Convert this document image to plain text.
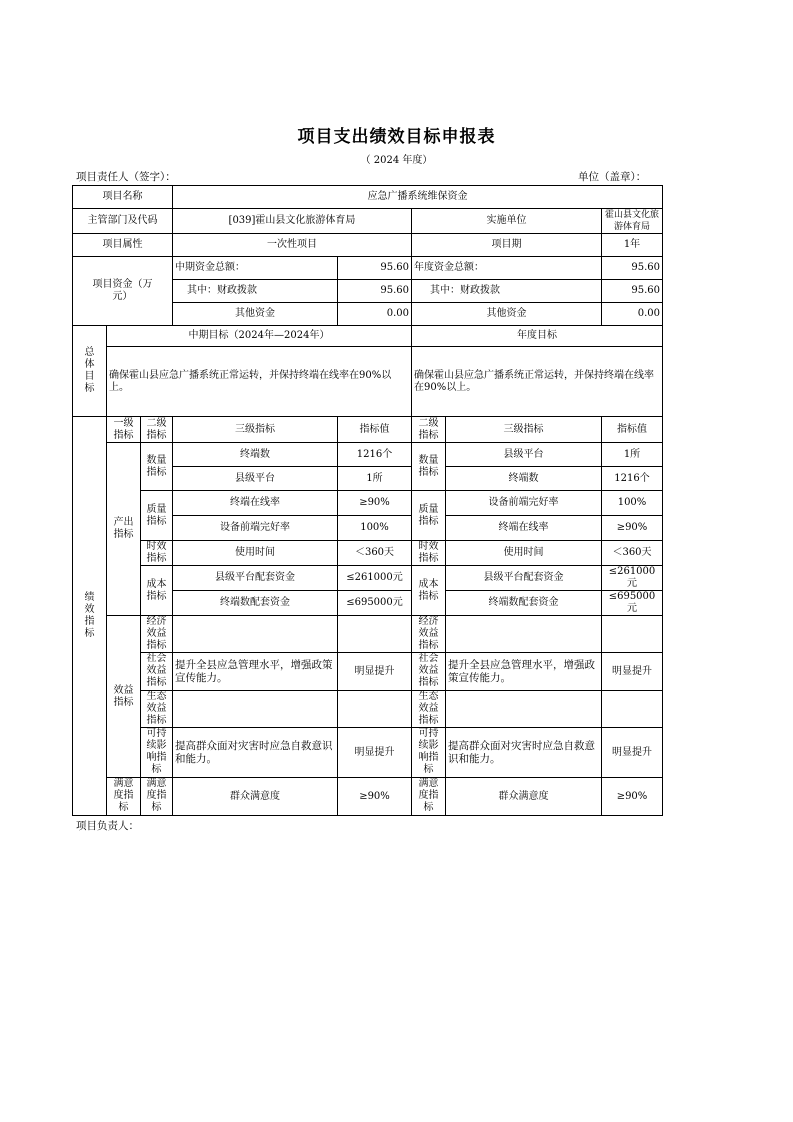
项目支出绩效目标申报表
（ 2024 年度）
项目责任人（签字）：	单位（盖章）：
项目名称			应急广播系统维保资金				
主管部门及代码			[039]霍山县文化旅游体育局		实施单位		霍山县文化旅游体育局
项目属性			一次性项目		项目期		1年
项目资金（万元）			中期资金总额：	95.60	年度资金总额：		95.60
			其中：财政拨款	95.60	其中：财政拨款		95.60
			其他资金	0.00	其他资金		0.00
总体目标	中期目标（2024年—2024年）				年度目标		
	确保霍山县应急广播系统正常运转，并保持终端在线率在90%以上。				确保霍山县应急广播系统正常运转，并保持终端在线率在90%以上。		
绩效指标	一级指标	二级指标	三级指标	指标值	二级指标	三级指标	指标值
	产出指标	数量指标	终端数	1216个	数量指标	县级平台	1所
			县级平台	1所		终端数	1216个
		质量指标	终端在线率	≥90%	质量指标	设备前端完好率	100%
			设备前端完好率	100%		终端在线率	≥90%
		时效指标	使用时间	＜360天	时效指标	使用时间	＜360天
		成本指标	县级平台配套资金	≤261000元	成本指标	县级平台配套资金	≤261000元
			终端数配套资金	≤695000元		终端数配套资金	≤695000元
	效益指标	经济效益指标			经济效益指标		
		社会效益指标	提升全县应急管理水平，增强政策宣传能力。	明显提升	社会效益指标	提升全县应急管理水平，增强政策宣传能力。	明显提升
		生态效益指标			生态效益指标		
		可持续影响指标	提高群众面对灾害时应急自救意识和能力。	明显提升	可持续影响指标	提高群众面对灾害时应急自救意识和能力。	明显提升
	满意度指标	满意度指标	群众满意度	≥90%	满意度指标	群众满意度	≥90%
项目负责人：
